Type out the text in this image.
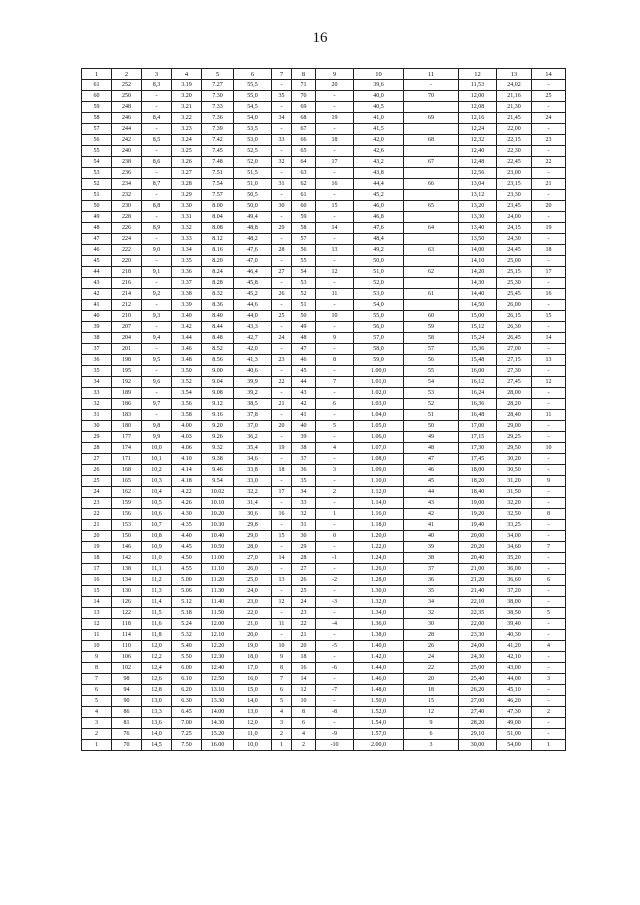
16
1	2	3	4	5	6	7	8	9	10	11	12	13	14
61	252	8,3	3.19	7.27	55,5	-	71	20	39,6	-	11,53	24,02	-
60	250	-	3.20	7.30	55,0	35	70	-	40,0	70	12,00	21,16	25
59	248	-	3.21	7.33	54,5	-	69	-	40,5		12,08	21,30	-
58	246	8,4	3.22	7.36	54,0	34	68	19	41,0	69	12,16	21,45	24
57	244	-	3.23	7.39	53,5	-	67	-	41,5		12,24	22,00	-
56	242	8,5	3.24	7.42	53,0	33	66	18	42,0	68	12,32	22,15	23
55	240	-	3.25	7.45	52,5	-	65	-	42,6		12,40	22,30	-
54	238	8,6	3.26	7.48	52,0	32	64	17	43,2	67	12,48	22,45	22
53	236	-	3.27	7.51	51,5	-	63	-	43,8		12,56	23,00	-
52	234	8,7	3.28	7.54	51,0	31	62	16	44,4	66	13,04	23,15	21
51	232	-	3.29	7.57	50,5	-	61	-	45,2		13,12	23,30	-
50	230	8,8	3.30	8.00	50,0	30	60	15	46,0	65	13,20	23,45	20
49	228	-	3.31	8.04	49,4	-	59	-	46,8		13,30	24,00	-
48	226	8,9	3.32	8.08	48,8	29	58	14	47,6	64	13,40	24,15	19
47	224	-	3.33	8.12	48,2	-	57	-	48,4		13,50	24,30	-
46	222	9,0	3.34	8.16	47,6	28	56	13	49,2	63	14,00	24,45	18
45	220	-	3.35	8.20	47,0	-	55	-	50,0		14,10	25,00	-
44	218	9,1	3.36	8.24	46,4	27	54	12	51,0	62	14,20	25,15	17
43	216	-	3.37	8.28	45,8	-	53	-	52,0		14,30	25,30	-
42	214	9,2	3.38	8.32	45,2	26	52	11	53,0	61	14,40	25,45	16
41	212	-	3.39	8.36	44,6	-	51	-	54,0		14,50	26,00	-
40	210	9,3	3.40	8.40	44,0	25	50	10	55,0	60	15,00	26,15	15
39	207	-	3.42	8.44	43,3	-	49	-	56,0	59	15,12	26,30	-
38	204	9,4	3.44	8.48	42,7	24	48	9	57,0	58	15,24	26,45	14
37	201	-	3.46	8.52	42,0	-	47	-	58,0	57	15,36	27,00	-
36	198	9,5	3.48	8.56	41,3	23	46	8	59,0	56	15,48	27,15	13
35	195	-	3.50	9.00	40,6	-	45	-	1.00,0	55	16,00	27,30	-
34	192	9,6	3.52	9.04	39,9	22	44	7	1.01,0	54	16,12	27,45	12
33	189	-	3.54	9.08	39,2	-	43	-	1.02,0	53	16,24	28,00	-
32	186	9,7	3.56	9.12	38,5	21	42	6	1.03,0	52	16,36	28,20	-
31	183	-	3.58	9.16	37,8	-	41	-	1.04,0	51	16,48	28,40	11
30	180	9,8	4.00	9.20	37,0	20	40	5	1.05,0	50	17,00	29,00	-
29	177	9,9	4.03	9.26	36,2	-	39	-	1.06,0	49	17,15	29,25	-
28	174	10,0	4.06	9.32	35,4	19	38	4	1.07,0	48	17,30	29,50	10
27	171	10,1	4.10	9.38	34,6	-	37	-	1.08,0	47	17,45	30,20	-
26	168	10,2	4.14	9.46	33,8	18	36	3	1.09,0	46	18,00	30,50	-
25	165	10,3	4.18	9.54	33,0	-	35	-	1.10,0	45	18,20	31,20	9
24	162	10,4	4.22	10.02	32,2	17	34	2	1.12,0	44	18,40	31,50	-
23	159	10,5	4.26	10.10	31,4	-	33	-	1.14,0	43	19,00	32,20	-
22	156	10,6	4.30	10.20	30,6	16	32	1	1.16,0	42	19,20	32,50	8
21	153	10,7	4.35	10.30	29,8	-	31	-	1.18,0	41	19,40	33,25	-
20	150	10,8	4.40	10.40	29,0	15	30	0	1.20,0	40	20,00	34,00	-
19	146	10,9	4.45	10.50	28,0	-	29	-	1.22,0	39	20,20	34,60	7
18	142	11,0	4.50	11.00	27,0	14	28	-1	1.24,0	38	20,40	35,20	-
17	138	11,1	4.55	11.10	26,0	-	27	-	1.26,0	37	21,00	36,00	-
16	134	11,2	5.00	11.20	25,0	13	26	-2	1.28,0	36	21,20	36,60	6
15	130	11,3	5.06	11.30	24,0	-	25	-	1.30,0	35	21,40	37,20	-
14	126	11,4	5.12	11.40	23,0	12	24	-3	1.32,0	34	22,10	38,00	-
13	122	11,5	5.18	11.50	22,0	-	23	-	1.34,0	32	22,35	38,50	5
12	118	11,6	5.24	12.00	21,0	11	22	-4	1.36,0	30	22,00	39,40	-
11	114	11,8	5.32	12.10	20,0	-	21	-	1.38,0	28	23,30	40,30	-
10	110	12,0	5.40	12.20	19,0	10	20	-5	1.40,0	26	24,00	41,20	4
9	106	12,2	5.50	12.30	18,0	9	18	-	1.42,0	24	24,30	42,10	-
8	102	12,4	6.00	12.40	17,0	8	16	-6	1.44,0	22	25,00	43,00	-
7	98	12,6	6.10	12.50	16,0	7	14	-	1.46,0	20	25,40	44,00	3
6	94	12,8	6.20	13.10	15,0	6	12	-7	1.48,0	18	26,20	45,10	-
5	90	13,0	6.30	13.30	14,0	5	10	-	1.50,0	15	27,00	46,20	-
4	86	13,3	6.45	14.00	13,0	4	8	-8	1.52,0	12	27,40	47,30	2
3	81	13,6	7.00	14.30	12,0	3	6	-	1.54,0	9	28,20	49,00	-
2	76	14,0	7.25	15.20	11,0	2	4	-9	1.57,0	6	29,10	51,00	-
1	70	14,5	7.50	16.00	10,0	1	2	-10	2.00,0	3	30,00	54,00	1
